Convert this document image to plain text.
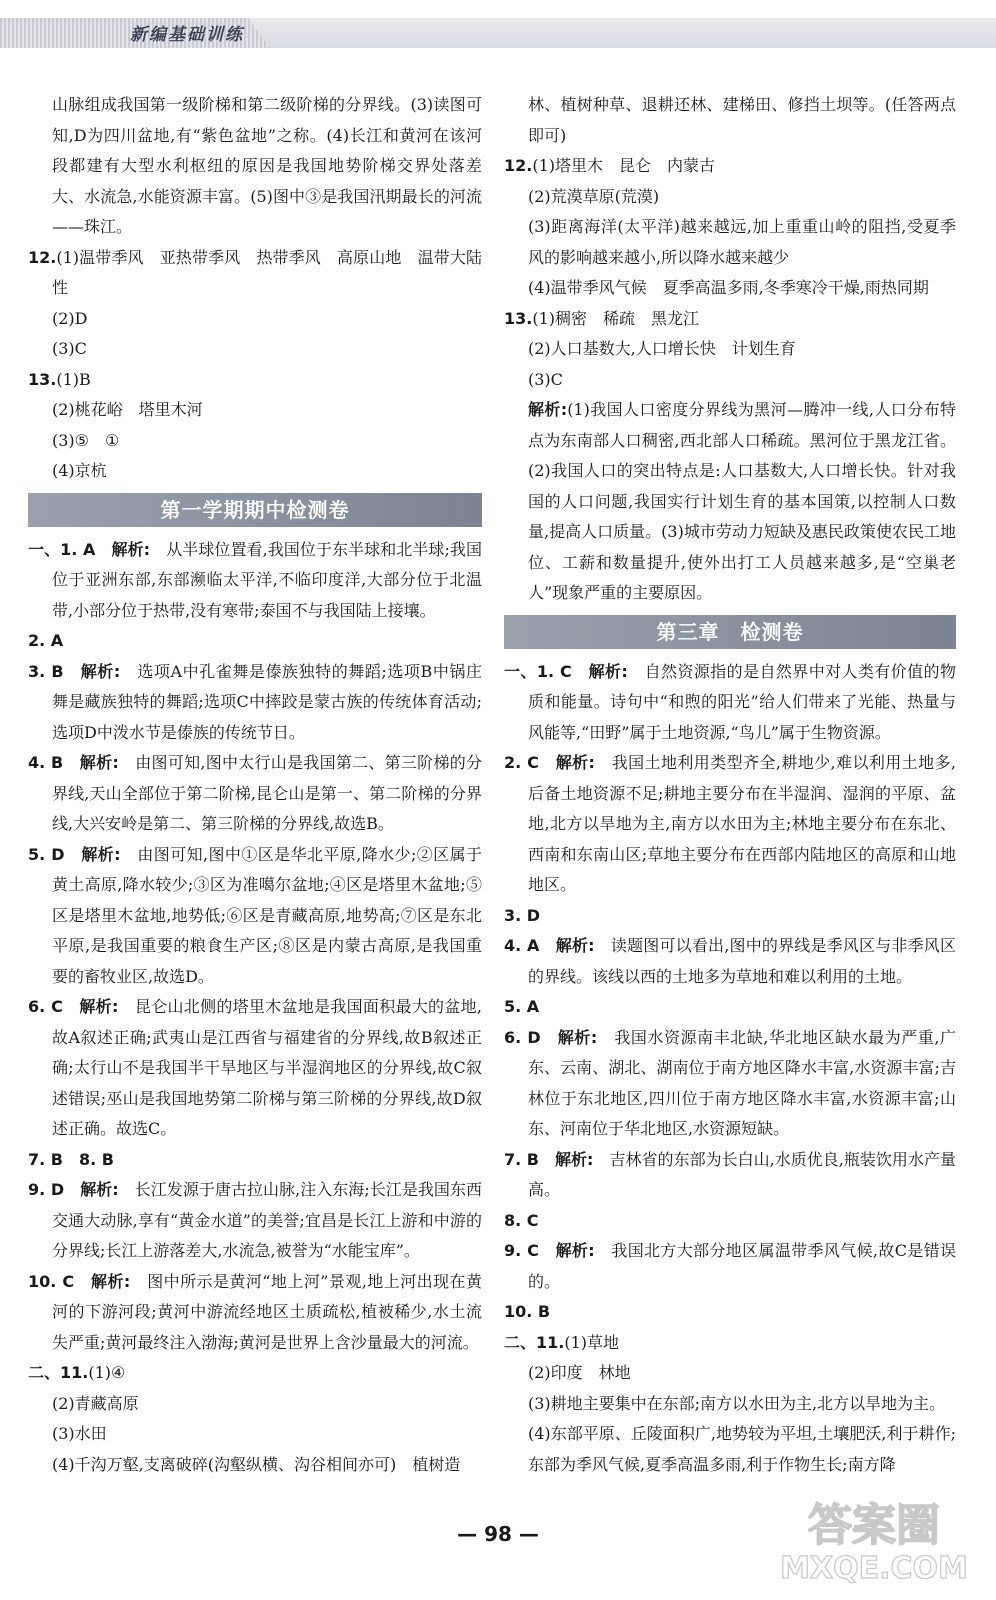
新编基础训练

山脉组成我国第一级阶梯和第二级阶梯的分界线。(3)读图可知,D为四川盆地,有“紫色盆地”之称。(4)长江和黄河在该河段都建有大型水利枢纽的原因是我国地势阶梯交界处落差大、水流急,水能资源丰富。(5)图中③是我国汛期最长的河流——珠江。

12.(1)温带季风　亚热带季风　热带季风　高原山地　温带大陆性

(2)D

(3)C

13.(1)B

(2)桃花峪　塔里木河

(3)⑤　①

(4)京杭

第一学期期中检测卷

一、1. A　 解析:　 从半球位置看,我国位于东半球和北半球;我国位于亚洲东部,东部濒临太平洋,不临印度洋,大部分位于北温带,小部分位于热带,没有寒带;泰国不与我国陆上接壤。

2. A

3. B　 解析:　 选项A中孔雀舞是傣族独特的舞蹈;选项B中锅庄舞是藏族独特的舞蹈;选项C中摔跤是蒙古族的传统体育活动;选项D中泼水节是傣族的传统节日。

4. B　 解析:　 由图可知,图中太行山是我国第二、第三阶梯的分界线,天山全部位于第二阶梯,昆仑山是第一、第二阶梯的分界线,大兴安岭是第二、第三阶梯的分界线,故选B。

5. D　 解析:　 由图可知,图中①区是华北平原,降水少;②区属于黄土高原,降水较少;③区为准噶尔盆地;④区是塔里木盆地;⑤区是塔里木盆地,地势低;⑥区是青藏高原,地势高;⑦区是东北平原,是我国重要的粮食生产区;⑧区是内蒙古高原,是我国重要的畜牧业区,故选D。

6. C　 解析:　 昆仑山北侧的塔里木盆地是我国面积最大的盆地,故A叙述正确;武夷山是江西省与福建省的分界线,故B叙述正确;太行山不是我国半干旱地区与半湿润地区的分界线,故C叙述错误;巫山是我国地势第二阶梯与第三阶梯的分界线,故D叙述正确。故选C。

7. B　8. B

9. D　 解析:　 长江发源于唐古拉山脉,注入东海;长江是我国东西交通大动脉,享有“黄金水道”的美誉;宜昌是长江上游和中游的分界线;长江上游落差大,水流急,被誉为“水能宝库”。

10. C　 解析:　 图中所示是黄河“地上河”景观,地上河出现在黄河的下游河段;黄河中游流经地区土质疏松,植被稀少,水土流失严重;黄河最终注入渤海;黄河是世界上含沙量最大的河流。

二、11.(1)④

(2)青藏高原

(3)水田

(4)千沟万壑,支离破碎(沟壑纵横、沟谷相间亦可)　植树造

林、植树种草、退耕还林、建梯田、修挡土坝等。(任答两点即可)

12.(1)塔里木　昆仑　内蒙古

(2)荒漠草原(荒漠)

(3)距离海洋(太平洋)越来越远,加上重重山岭的阻挡,受夏季风的影响越来越小,所以降水越来越少

(4)温带季风气候　夏季高温多雨,冬季寒冷干燥,雨热同期

13.(1)稠密　稀疏　黑龙江

(2)人口基数大,人口增长快　计划生育

(3)C

解析:(1)我国人口密度分界线为黑河—腾冲一线,人口分布特点为东南部人口稠密,西北部人口稀疏。黑河位于黑龙江省。(2)我国人口的突出特点是:人口基数大,人口增长快。针对我国的人口问题,我国实行计划生育的基本国策,以控制人口数量,提高人口质量。(3)城市劳动力短缺及惠民政策使农民工地位、工薪和数量提升,使外出打工人员越来越多,是“空巢老人”现象严重的主要原因。

第三章　检测卷

一、1. C　 解析:　 自然资源指的是自然界中对人类有价值的物质和能量。诗句中“和煦的阳光”给人们带来了光能、热量与风能等,“田野”属于土地资源,“鸟儿”属于生物资源。

2. C　 解析:　 我国土地利用类型齐全,耕地少,难以利用土地多,后备土地资源不足;耕地主要分布在半湿润、湿润的平原、盆地,北方以旱地为主,南方以水田为主;林地主要分布在东北、西南和东南山区;草地主要分布在西部内陆地区的高原和山地地区。

3. D

4. A　 解析:　 读题图可以看出,图中的界线是季风区与非季风区的界线。该线以西的土地多为草地和难以利用的土地。

5. A

6. D　 解析:　 我国水资源南丰北缺,华北地区缺水最为严重,广东、云南、湖北、湖南位于南方地区降水丰富,水资源丰富;吉林位于东北地区,四川位于南方地区降水丰富,水资源丰富;山东、河南位于华北地区,水资源短缺。

7. B　 解析:　 吉林省的东部为长白山,水质优良,瓶装饮用水产量高。

8. C

9. C　 解析:　 我国北方大部分地区属温带季风气候,故C是错误的。

10. B

二、11.(1)草地

(2)印度　林地

(3)耕地主要集中在东部;南方以水田为主,北方以旱地为主。

(4)东部平原、丘陵面积广,地势较为平坦,土壤肥沃,利于耕作;东部为季风气候,夏季高温多雨,利于作物生长;南方降

— 98 —	答案圈
MXQE.COM
